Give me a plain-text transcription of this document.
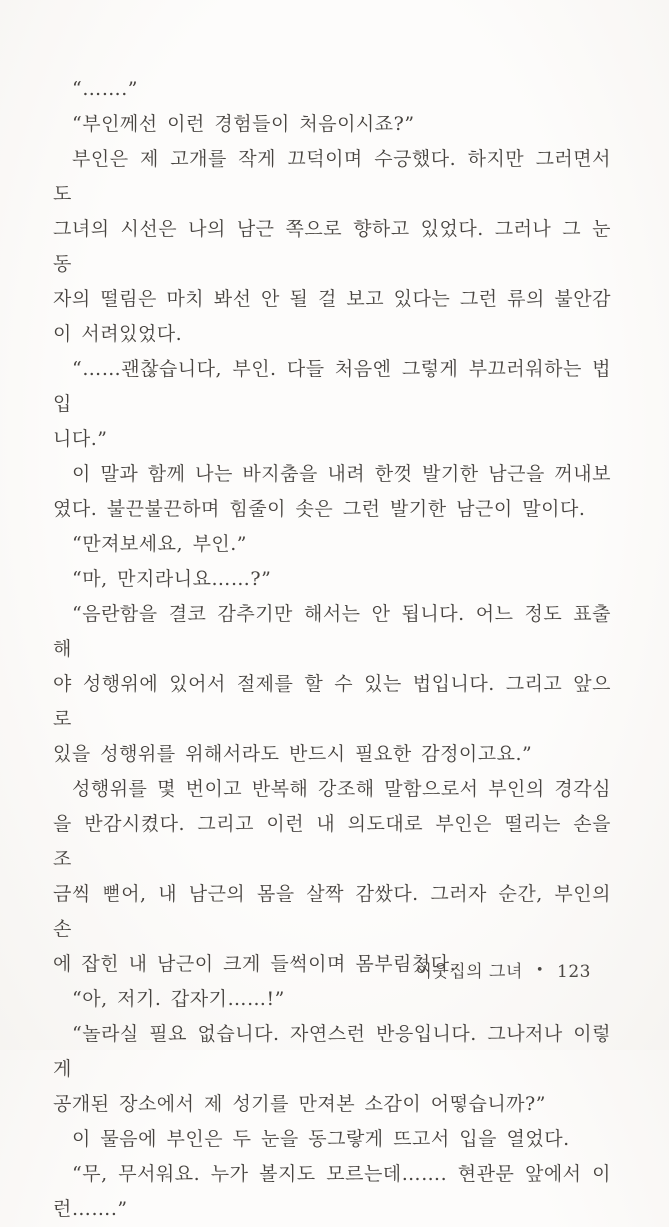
“…….”
“부인께선 이런 경험들이 처음이시죠?”
부인은 제 고개를 작게 끄덕이며 수긍했다. 하지만 그러면서도
그녀의 시선은 나의 남근 쪽으로 향하고 있었다. 그러나 그 눈동
자의 떨림은 마치 봐선 안 될 걸 보고 있다는 그런 류의 불안감
이 서려있었다.
“……괜찮습니다, 부인. 다들 처음엔 그렇게 부끄러워하는 법입
니다.”
이 말과 함께 나는 바지춤을 내려 한껏 발기한 남근을 꺼내보
였다. 불끈불끈하며 힘줄이 솟은 그런 발기한 남근이 말이다.
“만져보세요, 부인.”
“마, 만지라니요……?”
“음란함을 결코 감추기만 해서는 안 됩니다. 어느 정도 표출해
야 성행위에 있어서 절제를 할 수 있는 법입니다. 그리고 앞으로
있을 성행위를 위해서라도 반드시 필요한 감정이고요.”
성행위를 몇 번이고 반복해 강조해 말함으로서 부인의 경각심
을 반감시켰다. 그리고 이런 내 의도대로 부인은 떨리는 손을 조
금씩 뻗어, 내 남근의 몸을 살짝 감쌌다. 그러자 순간, 부인의 손
에 잡힌 내 남근이 크게 들썩이며 몸부림쳤다.
“아, 저기. 갑자기……!”
“놀라실 필요 없습니다. 자연스런 반응입니다. 그나저나 이렇게
공개된 장소에서 제 성기를 만져본 소감이 어떻습니까?”
이 물음에 부인은 두 눈을 동그랗게 뜨고서 입을 열었다.
“무, 무서워요. 누가 볼지도 모르는데……. 현관문 앞에서 이
런…….”
이웃집의 그녀 • 123
